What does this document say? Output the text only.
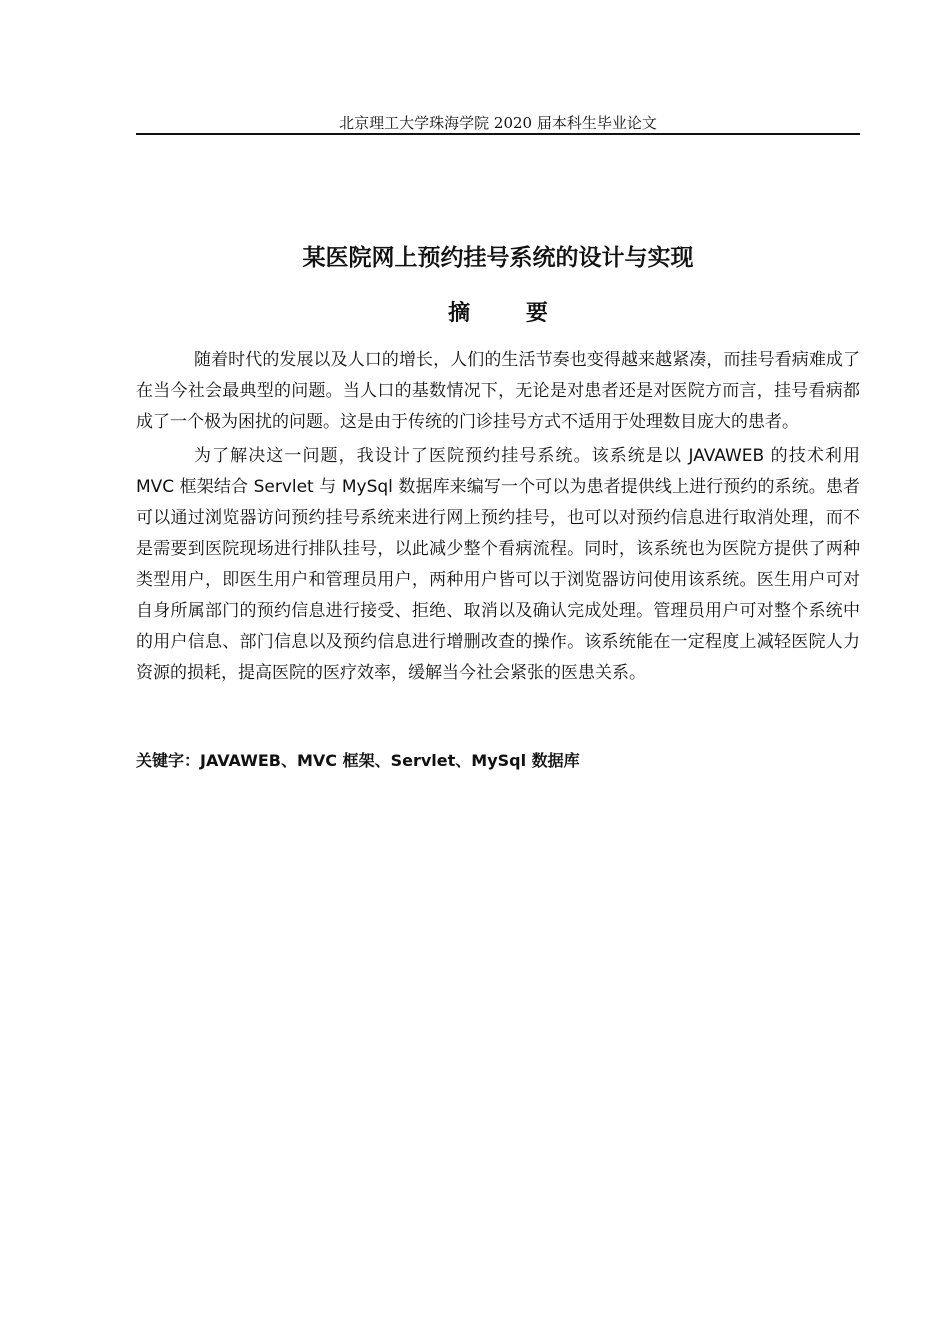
北京理工大学珠海学院 2020 届本科生毕业论文
某医院网上预约挂号系统的设计与实现
摘 要

随着时代的发展以及人口的增长，人们的生活节奏也变得越来越紧凑，而挂号看病难成了在当今社会最典型的问题。当人口的基数情况下，无论是对患者还是对医院方而言，挂号看病都成了一个极为困扰的问题。这是由于传统的门诊挂号方式不适用于处理数目庞大的患者。

为了解决这一问题，我设计了医院预约挂号系统。该系统是以 JAVAWEB 的技术利用 MVC 框架结合 Servlet 与 MySql 数据库来编写一个可以为患者提供线上进行预约的系统。患者可以通过浏览器访问预约挂号系统来进行网上预约挂号，也可以对预约信息进行取消处理，而不是需要到医院现场进行排队挂号，以此减少整个看病流程。同时，该系统也为医院方提供了两种类型用户，即医生用户和管理员用户，两种用户皆可以于浏览器访问使用该系统。医生用户可对自身所属部门的预约信息进行接受、拒绝、取消以及确认完成处理。管理员用户可对整个系统中的用户信息、部门信息以及预约信息进行增删改查的操作。该系统能在一定程度上减轻医院人力资源的损耗，提高医院的医疗效率，缓解当今社会紧张的医患关系。

关键字：JAVAWEB、MVC 框架、Servlet、MySql 数据库
